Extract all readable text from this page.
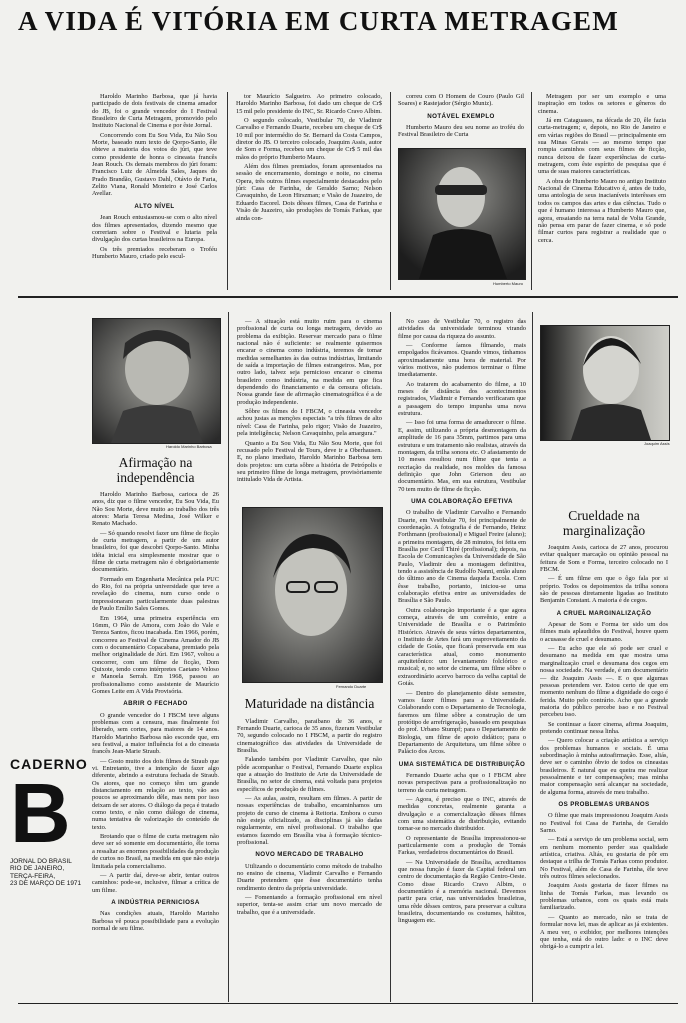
A VIDA É VITÓRIA EM CURTA METRAGEM

Haroldo Marinho Barbosa, que já havia participado de dois festivais de cinema amador do JB, foi o grande vencedor do I Festival Brasileiro de Curta Metragem, promovido pelo Instituto Nacional de Cinema e por êste Jornal.

Concorrendo com Eu Sou Vida, Eu Não Sou Morte, baseado num texto de Qorpo-Santo, êle obteve a maioria dos votos do júri, que teve como presidente de honra o cineasta francês Jean Rouch. Os demais membros do júri foram: Francisco Luiz de Almeida Sales, Jaques do Prado Brandão, Gustavo Dahl, Otávio de Faria, Zelito Viana, Ronald Monteiro e José Carlos Avellar.

ALTO NÍVEL

Jean Rouch entusiasmou-se com o alto nível dos filmes apresentados, dizendo mesmo que correriam sobre o Festival e lutaria pela divulgação dos curtas brasileiros na Europa.

Os três premiados receberam o Troféu Humberto Mauro, criado pelo escul-

tor Maurício Salgueiro. Ao primeiro colocado, Haroldo Marinho Barbosa, foi dado um cheque de Cr$ 15 mil pelo presidente do INC, Sr. Ricardo Cravo Albim.

O segundo colocado, Vestibular 70, de Vladimir Carvalho e Fernando Duarte, recebeu um cheque de Cr$ 10 mil por intermédio do Sr. Bernard da Costa Campos, diretor do JB. O terceiro colocado, Joaquim Assis, autor de Som e Forma, recebeu um cheque de Cr$ 5 mil das mãos do próprio Humberto Mauro.

Além dos filmes premiados, foram apresentados na sessão de encerramento, domingo e noite, no cinema Opera, três outros filmes especialmente destacados pelo júri: Casa de Farinha, de Geraldo Sarno; Nelson Cavaquinho, de Leon Hirszman; e Visão de Juazeiro, de Eduardo Escorel. Dois dêsses filmes, Casa de Farinha e Visão de Juazeiro, são produções de Tomás Farkas, que ainda con-

correu com O Homem de Couro (Paulo Gil Soares) e Rastejador (Sérgio Muniz).

NOTÁVEL EXEMPLO

Humberto Mauro deu seu nome ao troféu do Festival Brasileiro de Curta

Humberto Mauro

Metragem por ser um exemplo e uma inspiração em todos os setores e gêneros do cinema.

Já em Cataguases, na década de 20, êle fazia curta-metragem; e, depois, no Rio de Janeiro e em várias regiões do Brasil — principalmente em sua Minas Gerais — ao mesmo tempo que rompia caminhos com seus filmes de ficção, nunca deixou de fazer experiências de curta-metragem, com êste espírito de pesquisa que é uma de suas maiores características.

A obra de Humberto Mauro no antigo Instituto Nacional de Cinema Educativo é, antes de tudo, uma antologia de seus inacianíveis interêsses em todos os campos das artes e das ciências. Tudo o que é humano interessa a Humberto Mauro que, agora, ensaiando na terra natal de Volta Grande, não pensa em parar de fazer cinema, e só pode filmar curtos para registrar a realidade que o cerca.

Haroldo Marinho Barbosa
Afirmação na independência

Haroldo Marinho Barbosa, carioca de 26 anos, diz que o filme vencedor, Eu Sou Vida, Eu Não Sou Morte, deve muito ao trabalho dos três atores: Maria Teresa Medina, José Wilker e Renato Machado.

— Só quando resolvi fazer um filme de ficção de curta metragem, a partir de um autor brasileiro, foi que descobri Qorpo-Santo. Minha idéia inicial era simplesmente mostrar que o filme de curta metragem não é obrigatòriamente documentário.

Formado em Engenharia Mecânica pela PUC do Rio, foi na própria universidade que teve a revelação do cinema, num curso onde o impressionaram particularmente duas palestras de Paulo Emílio Sales Gomes.

Em 1964, uma primeira experiência em 16mm, O Pão de Amora, com João do Vale e Tereza Santos, ficou inacabada. Em 1966, porém, concorreu ao Festival de Cinema Amador do JB com o documentário Copacabana, premiado pela melhor originalidade de Júri. Em 1967, voltou a concorrer, com um filme de ficção, Dom Quixote, tendo como intérpretes Caetano Veloso e Manoela Serrah. Em 1968, passou ao profissionalismo como assistente de Maurício Gomes Leite em A Vida Provisória.

ABRIR O FECHADO

O grande vencedor do I FBCM teve alguns problemas com a censura, mas finalmente foi liberado, sem cortes, para maiores de 14 anos. Haroldo Marinho Barbosa não esconde que, em seu festival, a maior influência foi a do cineasta francês Jean-Marie Straub.

— Gosto muito dos dois filmes de Straub que vi. Entretanto, tive a intenção de fazer algo diferente, abrindo a estrutura fechada de Straub. Os atores, que no começo têm um grande distanciamento em relação ao texto, vão aos poucos se aproximando dêle, mas nem por isso deixam de ser atores. O diálogo da peça é tratado como texto, e não como diálogo de cinema, numa tentativa de valorização do conteúdo de texto.

Brotando que o filme de curta metragem não deve ser só somente em documentário, êle torna a ressaltar as enormes possibilidades da produção de curtos no Brasil, na medida em que não esteja limitada pela comercialismo.

— A partir daí, deve-se abrir, tentar outros caminhos: pode-se, inclusive, filmar a crítica de um filme.

A INDÚSTRIA PERNICIOSA

Nas condições atuais, Haroldo Marinho Barbosa vê pouca possibilidade para a evolução normal de seu filme.

CADERNO
B
JORNAL DO BRASIL
RIO DE JANEIRO,
TERÇA-FEIRA,
23 DE MARÇO DE 1971

— A situação está muito ruim para o cinema profissional de curta ou longa metragem, devido ao problema da exibição. Reservar mercado para o filme nacional não é suficiente: se realmente quisermos encarar o cinema como indústria, teremos de tomar medidas semelhantes às das outras indústrias, limitando de saída a importação de filmes estrangeiros. Mas, por outro lado, talvez seja pernicioso encarar o cinema brasileiro como indústria, na medida em que fica dependendo do financiamento e da censura oficiais. Nossa grande fase de afirmação cinematográfica é a de produção independente.

Sôbre os filmes do I FBCM, o cineasta vencedor achou justas as menções especiais "a três filmes de alto nível: Casa de Farinha, pelo rigor; Visão de Juazeiro, pela inteligência; Nelson Cavaquinho, pela amargura."

Quanto a Eu Sou Vida, Eu Não Sou Morte, que foi recusado pelo Festival de Tours, deve ir a Oberhausen. E, no plano imediato, Haroldo Marinho Barbosa tem dois projetos: um curta sôbre a história de Petrópolis e seu primeiro filme de longa metragem, provisòriamente intitulado Vida de Artista.

Fernando Duarte
Maturidade na distância

Vladimir Carvalho, paraibano de 36 anos, e Fernando Duarte, carioca de 35 anos, fizeram Vestibular 70, segundo colocado no I FBCM, a partir do registro cinematográfico das atividades da Universidade de Brasília.

Falando também por Vladimir Carvalho, que não pôde acompanhar o Festival, Fernando Duarte explica que a atuação do Instituto de Arte da Universidade de Brasília, no setor de cinema, está voltada para projetos específicos de produção de filmes.

— As aulas, assim, resultam em filmes. A partir de nossas experiências de trabalho, encaminhamos um projeto de curso de cinema à Reitoria. Embora o curso não esteja oficializado, as disciplinas já são dadas regularmente, em nível profissional. O trabalho que estamos fazendo em Brasília visa à formação técnico-profissional.

NOVO MERCADO DE TRABALHO

Utilizando o documentário como método de trabalho no ensino de cinema, Vladimir Carvalho e Fernando Duarte pretendem que êsse documentário tenha rendimento dentro da própria universidade.

— Fomentando a formação profissional em nível superior, tenta-se assim criar um novo mercado de trabalho, que é a universidade.

No caso de Vestibular 70, o registro das atividades da universidade terminou virando filme por causa da riqueza do assunto.

— Conforme íamos filmando, mais empolgados ficávamos. Quando vimos, tínhamos aproximadamente uma hora de material. Por vários motivos, não pudemos terminar o filme imediatamente.

Ao tratarem do acabamento do filme, a 10 meses de distância dos acontecimentos registrados, Vladimir e Fernando verificaram que a passagem do tempo impunha uma nova estrutura.

— Isso foi uma forma de amadurecer o filme. E, assim, utilizando a própria desmontagem da amplitude de 16 para 35mm, partimos para uma estrutura e um tratamento não realistas, através da montagem, da trilha sonora etc. O afastamento de 10 meses resultou num filme que tenta a recriação da realidade, nos moldes da famosa definição que John Grierson deu ao documentário. Mas, em sua estrutura, Vestibular 70 tem muito de filme de ficção.

UMA COLABORAÇÃO EFETIVA

O trabalho de Vladimir Carvalho e Fernando Duarte, em Vestibular 70, foi principalmente de coordenação. A fotografia é de Fernando, Heinz Forthmann (profissional) e Miguel Freire (aluno); a primeira montagem, de 28 minutos, foi feita em Brasília por Cecil Thiré (profissional); depois, na Escola de Comunicações da Universidade de São Paulo, Vladimir deu a montagem definitiva, tendo a assistência de Rudolfo Nanni, então aluno do último ano de Cinema daquela Escola. Com êsse trabalho, portanto, iniciou-se uma colaboração efetiva entre as universidades de Brasília e São Paulo.

Outra colaboração importante é a que agora começa, através de um convênio, entre a Universidade de Brasília e o Patrimônio Histórico. Através de seus vários departamentos, o Instituto de Artes fará um reaproveitamento da cidade de Goiás, que ficará preservada em sua característica atual, como monumento arquitetônico: um levantamento folclórico e musical; e, no setor de cinema, um filme sôbre o extraordinário acervo barroco da velha capital de Goiás.

— Dentro do planejamento dêste semestre, vamos fazer filmes para a Universidade. Colaborando com o Departamento de Tecnologia, faremos um filme sôbre a construção de um protótipo de arrefrigeração, baseado em pesquisas do prof. Urbano Stumpf; para o Departamento de Biologia, um filme de apoio didático; para o Departamento de Arquitetura, um filme sôbre o Palácio dos Arcos.

UMA SISTEMÁTICA DE DISTRIBUIÇÃO

Fernando Duarte acha que o I FBCM abre novas perspectivas para a profissionalização no terreno da curta metragem.

— Agora, é preciso que o INC, através de medidas concretas, realmente garanta a divulgação e a comercialização dêsses filmes com uma sistemática de distribuição, evitando tornar-se no mercado distribuidor.

O representante de Brasília impressionou-se particularmente com a produção de Tomás Farkas, verdadeiros documentários do Brasil.

— Na Universidade de Brasília, acreditamos que nossa função é fazer da Capital federal um centro de documentação da Região Centro-Oeste. Como disse Ricardo Cravo Albim, o documentário é a memória nacional. Devemos partir para criar, nas universidades brasileiras, uma rêde dêsses centros, para preservar a cultura brasileira, documentando os costumes, hábitos, linguagem etc.

Joaquim Assis
Crueldade na marginalização

Joaquim Assis, carioca de 27 anos, procurou evitar qualquer marcação ou opinião pessoal na feitura de Som e Forma, terceiro colocado no I FBCM.

— É um filme em que o ôgo fala por si próprio. Todos os depoimentos da trilha sonora são de pessoas diretamente ligadas ao Instituto Benjamin Constant. A maioria é de cegos.

A CRUEL MARGINALIZAÇÃO

Apesar de Som e Forma ter sido um dos filmes mais aplaudidos do Festival, houve quem o acusasse de cruel e desumano.

— Eu acho que ele só pode ser cruel e desumano na medida em que mostra uma marginalização cruel e desumana dos cegos em nossa sociedade. Na verdade, é um documentário — diz Joaquim Assis —. E o que algumas pessoas pretendem ver. Estou certo de que em momento nenhum do filme a dignidade do cego é ferida. Muito pelo contrário. Acho que a grande maioria do público percebe isso e no Festival percebeu isso.

Se continuar a fazer cinema, afirma Joaquim, pretendo continuar nessa linha.

— Quero colocar a criação artística a serviço dos problemas humanos e sociais. É uma subordinação à minha autoafirmação. Esse, aliás, deve ser o caminho óbvio de todos os cineastas brasileiros. É natural que eu queira me realizar pessoalmente e ter compensações; mas minha maior compensação será alcançar na sociedade, de alguma forma, através de meu trabalho.

OS PROBLEMAS URBANOS

O filme que mais impressionou Joaquim Assis no Festival foi Casa de Farinha, de Geraldo Sarno.

— Está a serviço de um problema social, sem em nenhum momento perder sua qualidade artística, criativa. Aliás, eu gostaria de pôr em destaque a trilha de Tomás Farkas como produtor. No Festival, além de Casa de Farinha, êle teve três outros filmes selecionados.

Joaquim Assis gostaria de fazer filmes na linha de Tomás Farkas, mas levando os problemas urbanos, com os quais está mais familiarizado.

— Quanto ao mercado, não se trata de formular nova lei, mas de aplicar as já existentes. A meu ver, o exibidor, por melhores intenções que tenha, está do outro lado: e o INC deve obrigá-lo a cumprir a lei.
